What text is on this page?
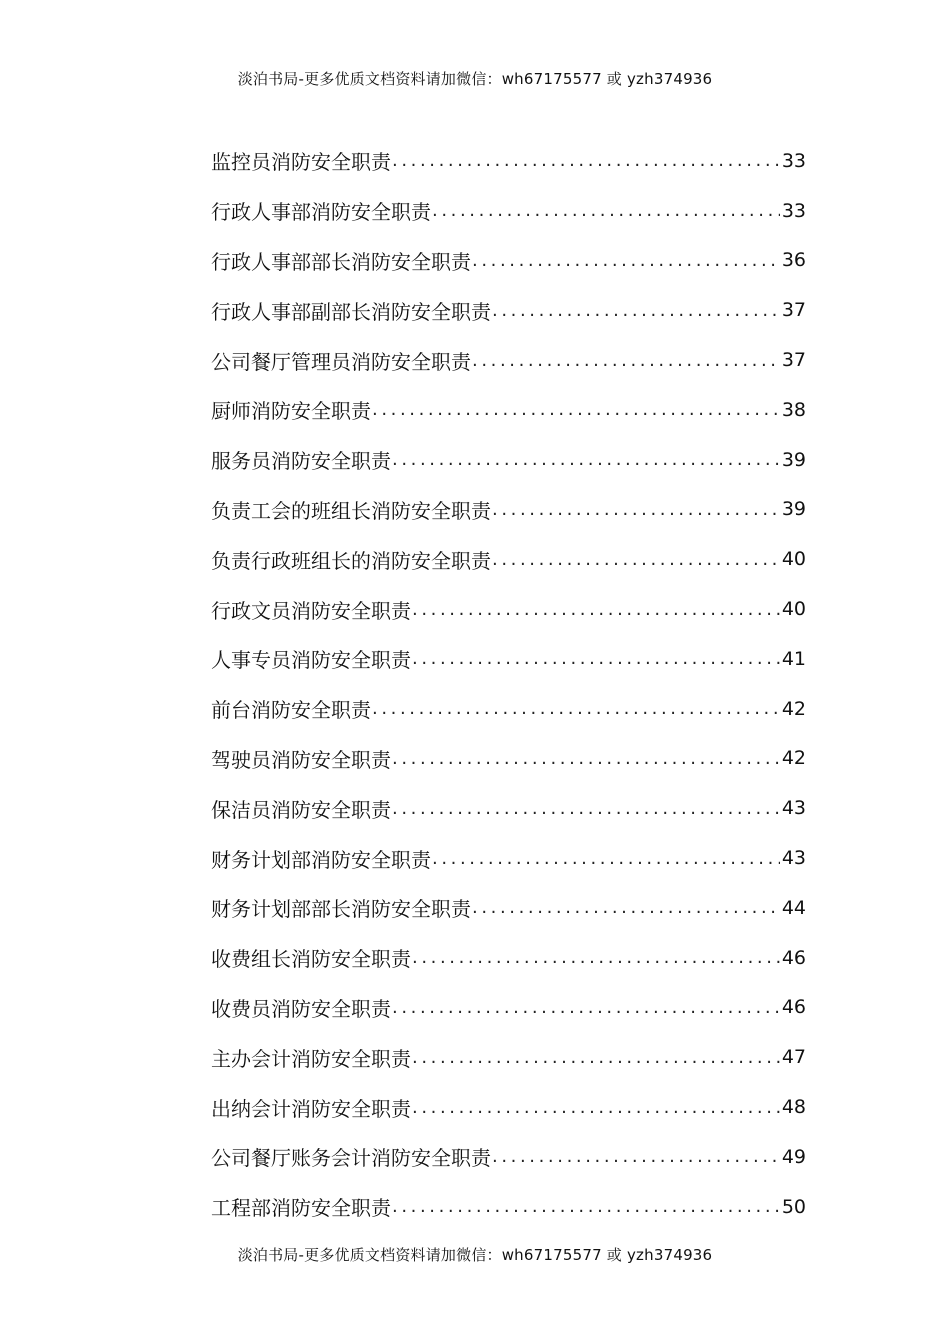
淡泊书局-更多优质文档资料请加微信：wh67175577 或 yzh374936
监控员消防安全职责 .....	33
行政人事部消防安全职责 .....	33
行政人事部部长消防安全职责 .....	36
行政人事部副部长消防安全职责 .....	37
公司餐厅管理员消防安全职责 .....	37
厨师消防安全职责 .....	38
服务员消防安全职责 .....	39
负责工会的班组长消防安全职责 .....	39
负责行政班组长的消防安全职责 .....	40
行政文员消防安全职责 .....	40
人事专员消防安全职责 .....	41
前台消防安全职责 .....	42
驾驶员消防安全职责 .....	42
保洁员消防安全职责 .....	43
财务计划部消防安全职责 .....	43
财务计划部部长消防安全职责 .....	44
收费组长消防安全职责 .....	46
收费员消防安全职责 .....	46
主办会计消防安全职责 .....	47
出纳会计消防安全职责 .....	48
公司餐厅账务会计消防安全职责 .....	49
工程部消防安全职责 .....	50
淡泊书局-更多优质文档资料请加微信：wh67175577 或 yzh374936
